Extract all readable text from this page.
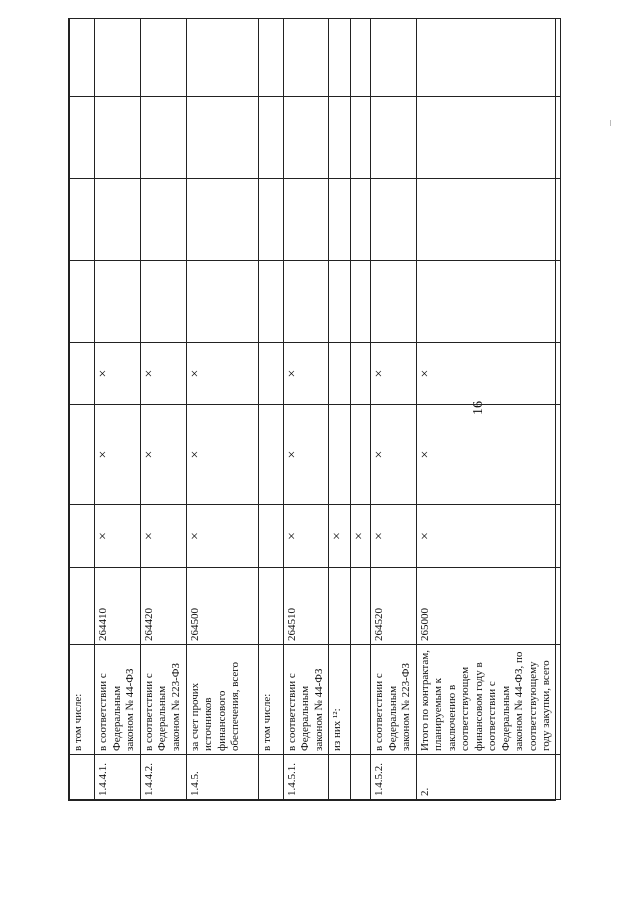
16
	в том числе:								
1.4.4.1.	в соответствии с Федеральным законом № 44-ФЗ	264410	×	×	×				
1.4.4.2.	в соответствии с Федеральным законом № 223-ФЗ	264420	×	×	×				
1.4.5.	за счет прочих источников финансового обеспечения, всего	264500	×	×	×				
	в том числе:								
1.4.5.1.	в соответствии с Федеральным законом № 44-ФЗ	264510	×	×	×				
	из них ¹²:		×						
			×						
1.4.5.2.	в соответствии с Федеральным законом № 223-ФЗ	264520	×	×	×				
2.	Итого по контрактам, планируемым к заключению в соответствующем финансовом году в соответствии с Федеральным законом № 44-ФЗ, по соответствующему году закупки, всего	265000	×	×	×				
